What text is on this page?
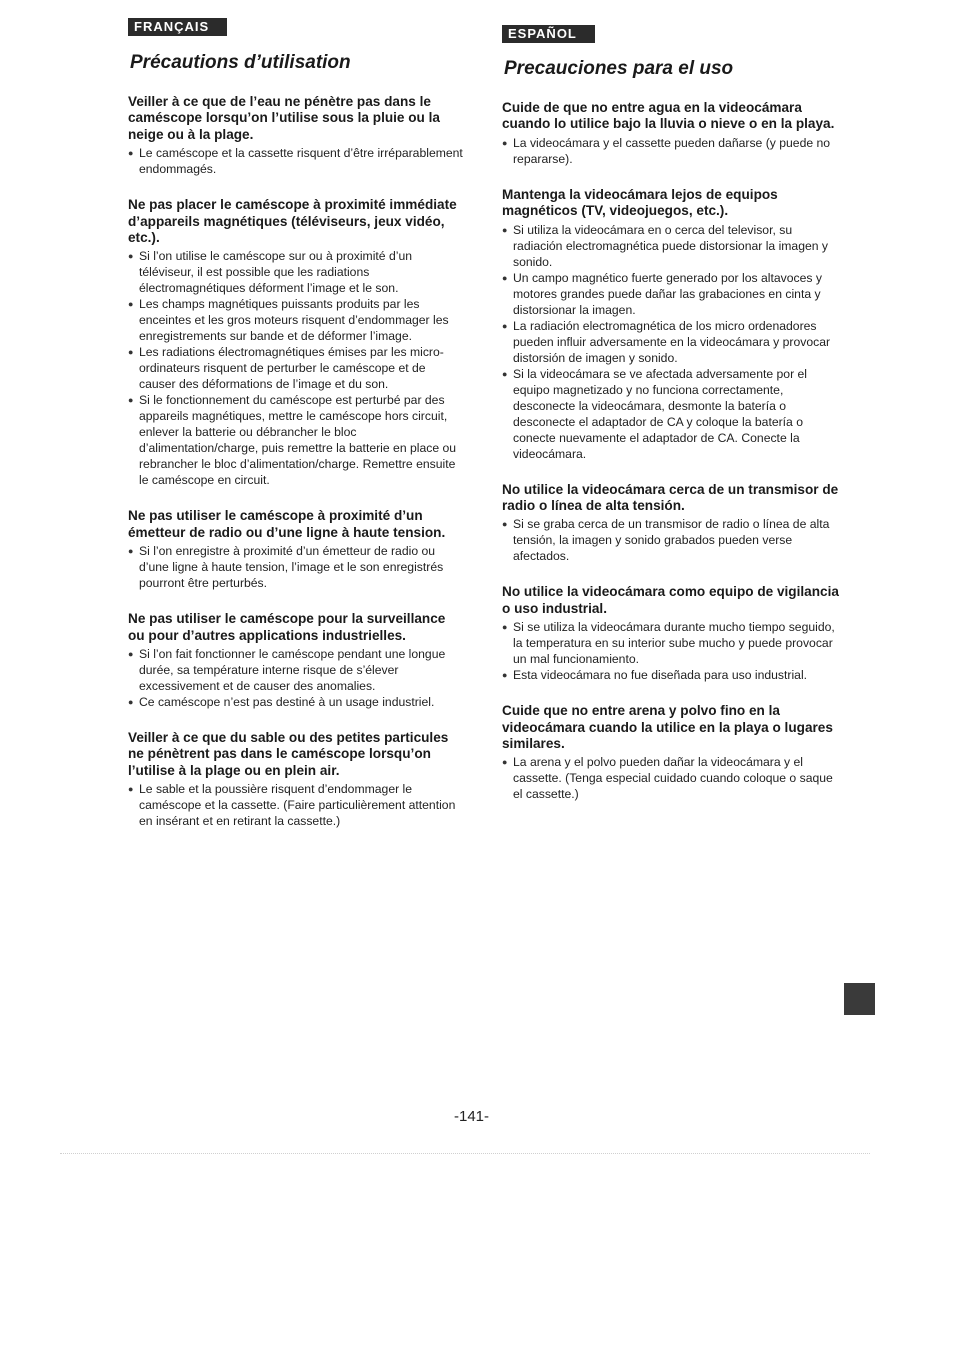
FRANÇAIS
Précautions d’utilisation
Veiller à ce que de l’eau ne pénètre pas dans le caméscope lorsqu’on l’utilise sous la pluie ou la neige ou à la plage.
● Le caméscope et la cassette risquent d’être irréparablement endommagés.
Ne pas placer le caméscope à proximité immédiate d’appareils magnétiques (téléviseurs, jeux vidéo, etc.).
● Si l’on utilise le caméscope sur ou à proximité d’un téléviseur, il est possible que les radiations électromagnétiques déforment l’image et le son.
● Les champs magnétiques puissants produits par les enceintes et les gros moteurs risquent d’endommager les enregistrements sur bande et de déformer l’image.
● Les radiations électromagnétiques émises par les micro-ordinateurs risquent de perturber le caméscope et de causer des déformations de l’image et du son.
● Si le fonctionnement du caméscope est perturbé par des appareils magnétiques, mettre le caméscope hors circuit, enlever la batterie ou débrancher le bloc d’alimentation/charge, puis remettre la batterie en place ou rebrancher le bloc d’alimentation/charge. Remettre ensuite le caméscope en circuit.
Ne pas utiliser le caméscope à proximité d’un émetteur de radio ou d’une ligne à haute tension.
● Si l’on enregistre à proximité d’un émetteur de radio ou d’une ligne à haute tension, l’image et le son enregistrés pourront être perturbés.
Ne pas utiliser le caméscope pour la surveillance ou pour d’autres applications industrielles.
● Si l’on fait fonctionner le caméscope pendant une longue durée, sa température interne risque de s’élever excessivement et de causer des anomalies.
● Ce caméscope n’est pas destiné à un usage industriel.
Veiller à ce que du sable ou des petites particules ne pénètrent pas dans le caméscope lorsqu’on l’utilise à la plage ou en plein air.
● Le sable et la poussière risquent d’endommager le caméscope et la cassette. (Faire particulièrement attention en insérant et en retirant la cassette.)
ESPAÑOL
Precauciones para el uso
Cuide de que no entre agua en la videocámara cuando lo utilice bajo la lluvia o nieve o en la playa.
● La videocámara y el cassette pueden dañarse (y puede no repararse).
Mantenga la videocámara lejos de equipos magnéticos (TV, videojuegos, etc.).
● Si utiliza la videocámara en o cerca del televisor, su radiación electromagnética puede distorsionar la imagen y sonido.
● Un campo magnético fuerte generado por los altavoces y motores grandes puede dañar las grabaciones en cinta y distorsionar la imagen.
● La radiación electromagnética de los micro ordenadores pueden influir adversamente en la videocámara y provocar distorsión de imagen y sonido.
● Si la videocámara se ve afectada adversamente por el equipo magnetizado y no funciona correctamente, desconecte la videocámara, desmonte la batería o desconecte el adaptador de CA y coloque la batería o conecte nuevamente el adaptador de CA. Conecte la videocámara.
No utilice la videocámara cerca de un transmisor de radio o línea de alta tensión.
● Si se graba cerca de un transmisor de radio o línea de alta tensión, la imagen y sonido grabados pueden verse afectados.
No utilice la videocámara como equipo de vigilancia o uso industrial.
● Si se utiliza la videocámara durante mucho tiempo seguido, la temperatura en su interior sube mucho y puede provocar un mal funcionamiento.
● Esta videocámara no fue diseñada para uso industrial.
Cuide que no entre arena y polvo fino en la videocámara cuando la utilice en la playa o lugares similares.
● La arena y el polvo pueden dañar la videocámara y el cassette. (Tenga especial cuidado cuando coloque o saque el cassette.)
-141-
